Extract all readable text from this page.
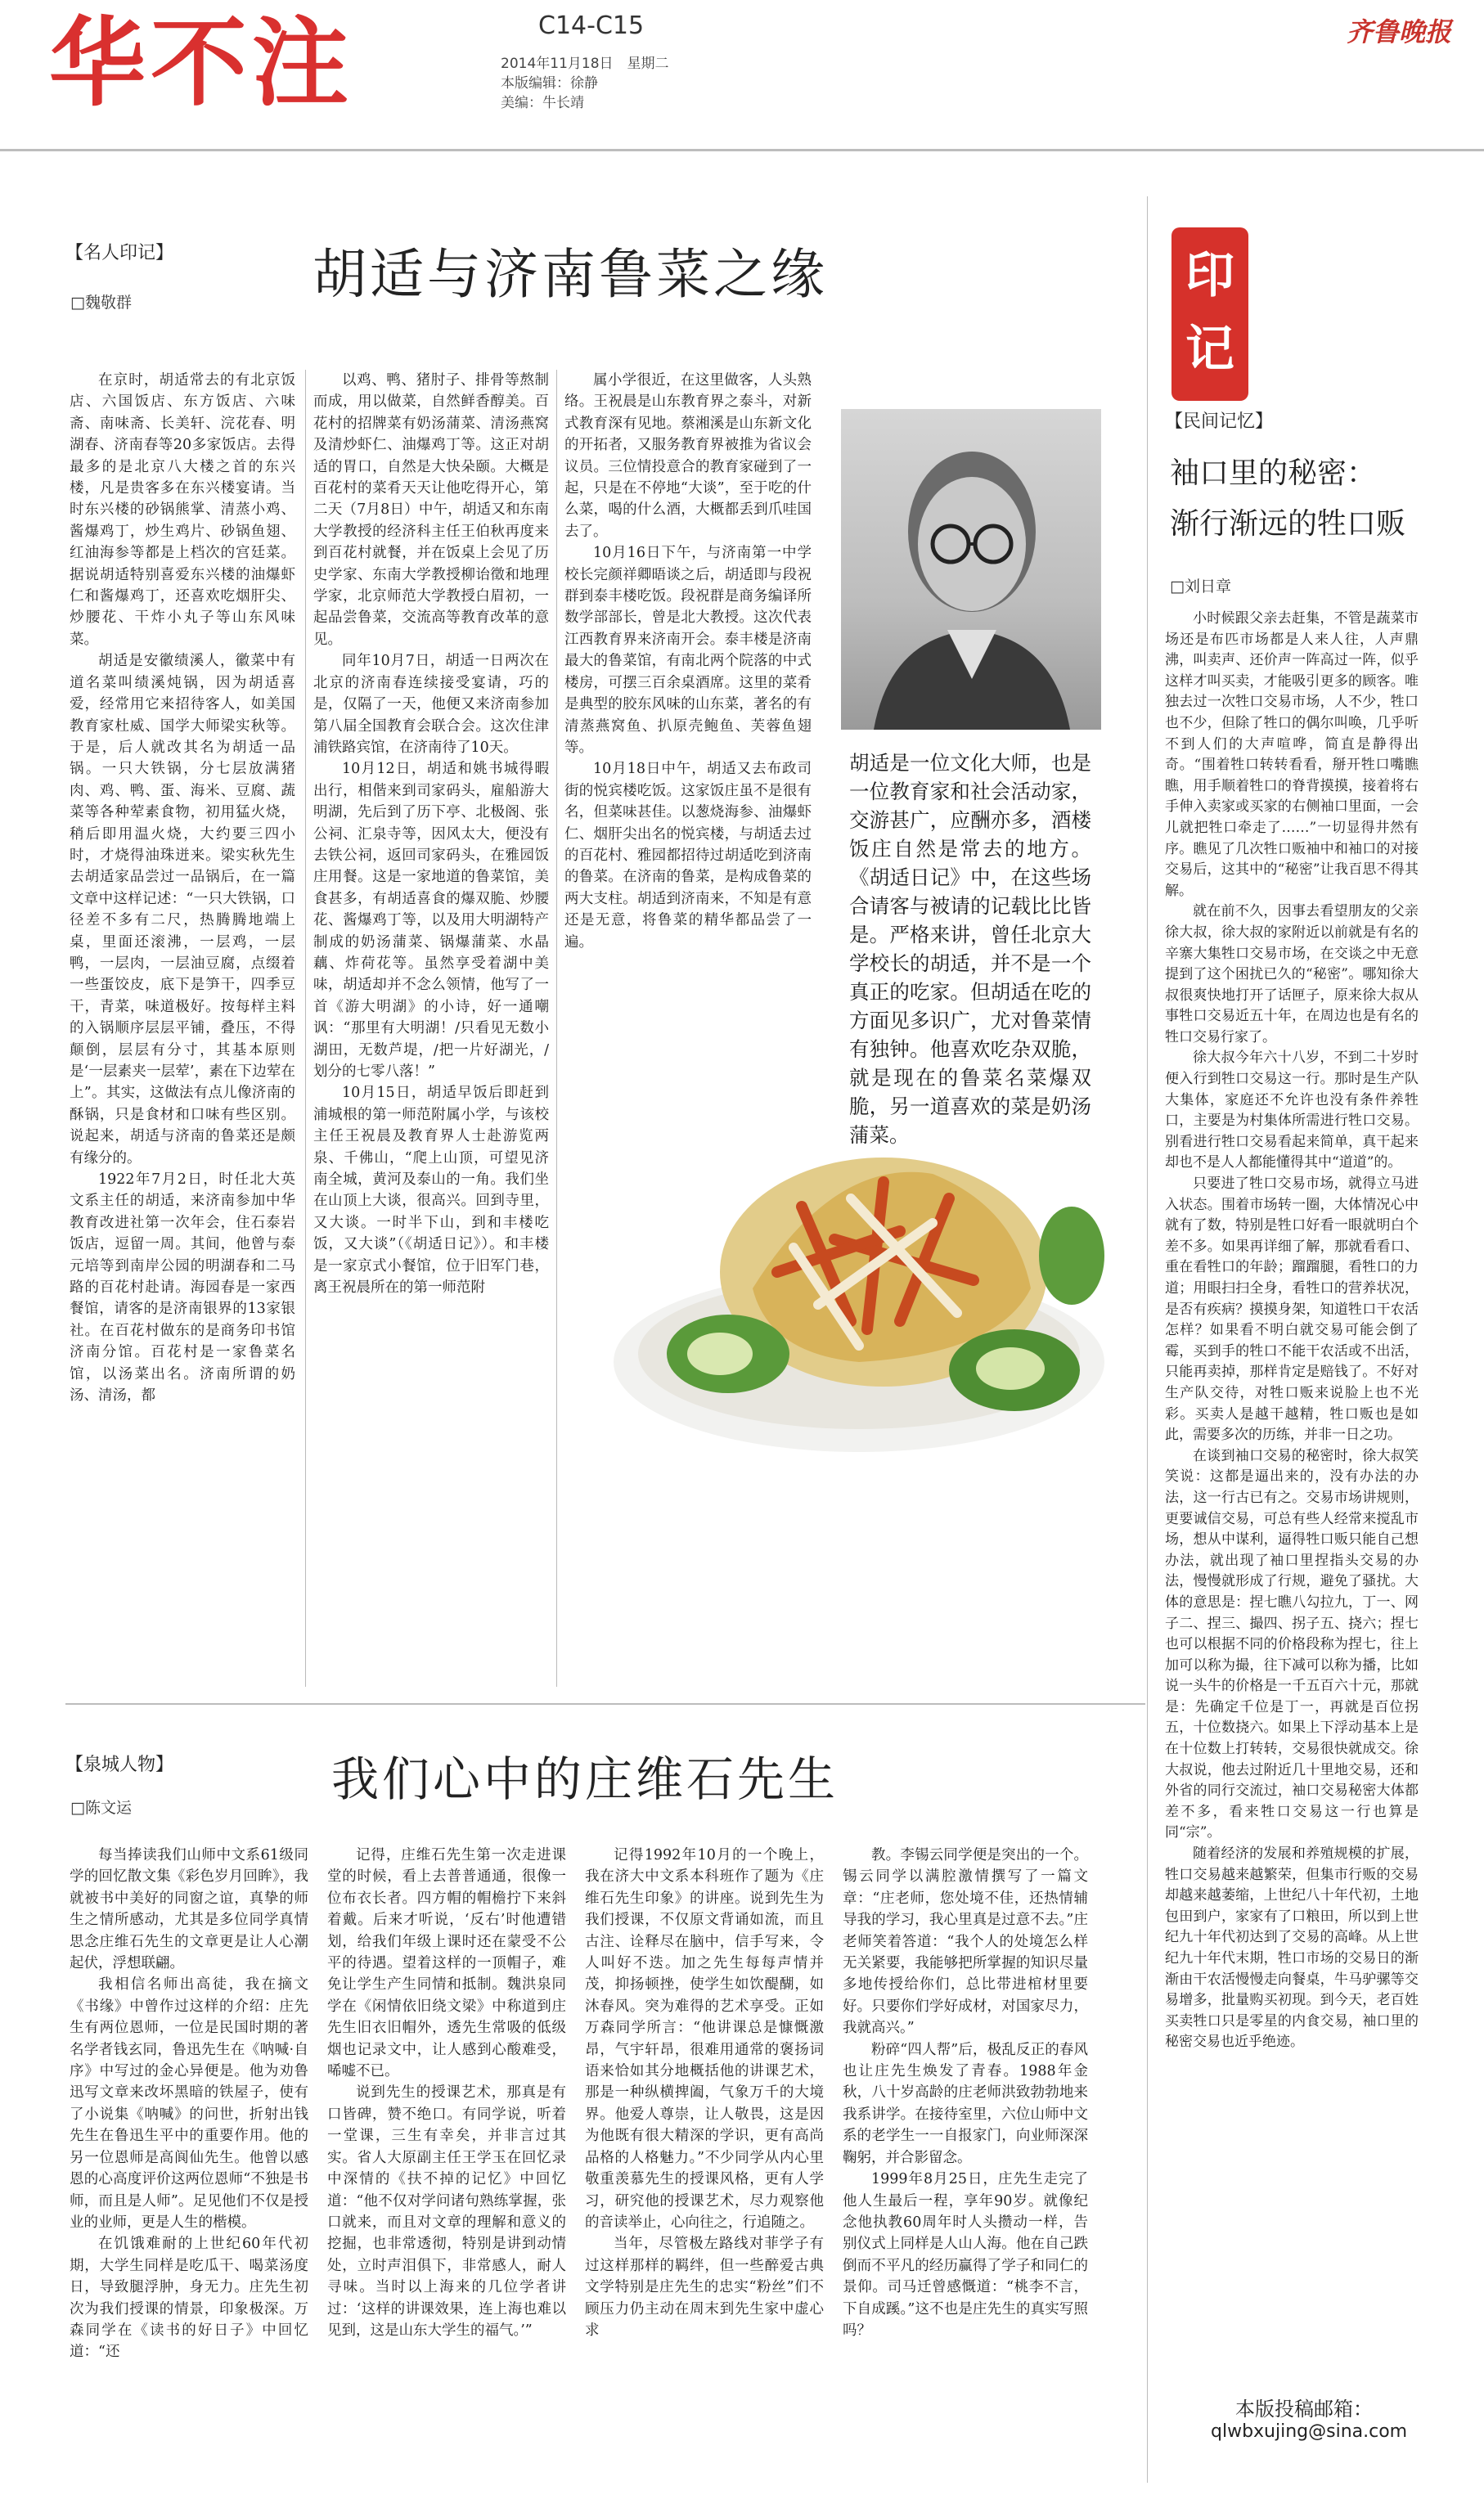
华不注	C14-C15
2014年11月18日　星期二
本版编辑：徐静
美编：牛长靖
齐鲁晚报
【名人印记】
□魏敬群	胡适与济南鲁菜之缘

在京时，胡适常去的有北京饭店、六国饭店、东方饭店、六味斋、南味斋、长美轩、浣花春、明湖春、济南春等20多家饭店。去得最多的是北京八大楼之首的东兴楼，凡是贵客多在东兴楼宴请。当时东兴楼的砂锅熊掌、清蒸小鸡、酱爆鸡丁，炒生鸡片、砂锅鱼翅、红油海参等都是上档次的宫廷菜。据说胡适特别喜爱东兴楼的油爆虾仁和酱爆鸡丁，还喜欢吃烟肝尖、炒腰花、干炸小丸子等山东风味菜。

胡适是安徽绩溪人，徽菜中有道名菜叫绩溪炖锅，因为胡适喜爱，经常用它来招待客人，如美国教育家杜威、国学大师梁实秋等。于是，后人就改其名为胡适一品锅。一只大铁锅，分七层放满猪肉、鸡、鸭、蛋、海米、豆腐、蔬菜等各种荤素食物，初用猛火烧，稍后即用温火烧，大约要三四小时，才烧得油珠迸来。梁实秋先生去胡适家品尝过一品锅后，在一篇文章中这样记述：“一只大铁锅，口径差不多有二尺，热腾腾地端上桌，里面还滚沸，一层鸡，一层鸭，一层肉，一层油豆腐，点缀着一些蛋饺皮，底下是笋干，四季豆干，青菜，味道极好。按每样主料的入锅顺序层层平铺，叠压，不得颠倒，层层有分寸，其基本原则是‘一层素夹一层荤’，素在下边荤在上”。其实，这做法有点儿像济南的酥锅，只是食材和口味有些区别。说起来，胡适与济南的鲁菜还是颇有缘分的。

1922年7月2日，时任北大英文系主任的胡适，来济南参加中华教育改进社第一次年会，住石泰岩饭店，逗留一周。其间，他曾与泰元培等到南岸公园的明湖春和二马路的百花村赴请。海园春是一家西餐馆，请客的是济南银界的13家银社。在百花村做东的是商务印书馆济南分馆。百花村是一家鲁菜名馆，以汤菜出名。济南所谓的奶汤、清汤，都

以鸡、鸭、猪肘子、排骨等熬制而成，用以做菜，自然鲜香醇美。百花村的招牌菜有奶汤蒲菜、清汤燕窝及清炒虾仁、油爆鸡丁等。这正对胡适的胃口，自然是大快朵颐。大概是百花村的菜肴天天让他吃得开心，第二天（7月8日）中午，胡适又和东南大学教授的经济科主任王伯秋再度来到百花村就餐，并在饭桌上会见了历史学家、东南大学教授柳诒徵和地理学家，北京师范大学教授白眉初，一起品尝鲁菜，交流高等教育改革的意见。

同年10月7日，胡适一日两次在北京的济南春连续接受宴请，巧的是，仅隔了一天，他便又来济南参加第八届全国教育会联合会。这次住津浦铁路宾馆，在济南待了10天。

10月12日，胡适和姚书城得暇出行，相偕来到司家码头，雇船游大明湖，先后到了历下亭、北极阁、张公祠、汇泉寺等，因风太大，便没有去铁公祠，返回司家码头，在雅园饭庄用餐。这是一家地道的鲁菜馆，美食甚多，有胡适喜食的爆双脆、炒腰花、酱爆鸡丁等，以及用大明湖特产制成的奶汤蒲菜、锅爆蒲菜、水晶藕、炸荷花等。虽然享受着湖中美味，胡适却并不念么领情，他写了一首《游大明湖》的小诗，好一通嘲讽：“那里有大明湖！/只看见无数小湖田，无数芦堤，/把一片好湖光，/划分的七零八落！”

10月15日，胡适早饭后即赶到浦城根的第一师范附属小学，与该校主任王祝晨及教育界人士赴游览两泉、千佛山，“爬上山顶，可望见济南全城，黄河及泰山的一角。我们坐在山顶上大谈，很高兴。回到寺里，又大谈。一时半下山，到和丰楼吃饭，又大谈”（《胡适日记》）。和丰楼是一家京式小餐馆，位于旧军门巷，离王祝晨所在的第一师范附

属小学很近，在这里做客，人头熟络。王祝晨是山东教育界之泰斗，对新式教育深有见地。蔡湘溪是山东新文化的开拓者，又服务教育界被推为省议会议员。三位情投意合的教育家碰到了一起，只是在不停地“大谈”，至于吃的什么菜，喝的什么酒，大概都丢到爪哇国去了。

10月16日下午，与济南第一中学校长完颜祥卿晤谈之后，胡适即与段祝群到泰丰楼吃饭。段祝群是商务编译所数学部部长，曾是北大教授。这次代表江西教育界来济南开会。泰丰楼是济南最大的鲁菜馆，有南北两个院落的中式楼房，可摆三百余桌酒席。这里的菜肴是典型的胶东风味的山东菜，著名的有清蒸燕窝鱼、扒原壳鲍鱼、芙蓉鱼翅等。

10月18日中午，胡适又去布政司街的悦宾楼吃饭。这家饭庄虽不是很有名，但菜味甚佳。以葱烧海参、油爆虾仁、烟肝尖出名的悦宾楼，与胡适去过的百花村、雅园都招待过胡适吃到济南的鲁菜。在济南的鲁菜，是构成鲁菜的两大支柱。胡适到济南来，不知是有意还是无意，将鲁菜的精华都品尝了一遍。

胡适是一位文化大师，也是一位教育家和社会活动家，交游甚广，应酬亦多，酒楼饭庄自然是常去的地方。《胡适日记》中，在这些场合请客与被请的记载比比皆是。严格来讲，曾任北京大学校长的胡适，并不是一个真正的吃家。但胡适在吃的方面见多识广，尤对鲁菜情有独钟。他喜欢吃杂双脆，就是现在的鲁菜名菜爆双脆，另一道喜欢的菜是奶汤蒲菜。
【泉城人物】
□陈文运
我们心中的庄维石先生

每当捧读我们山师中文系61级同学的回忆散文集《彩色岁月回眸》，我就被书中美好的同窗之谊，真挚的师生之情所感动，尤其是多位同学真情思念庄维石先生的文章更是让人心潮起伏，浮想联翩。

我相信名师出高徒，我在摘文《书缘》中曾作过这样的介绍：庄先生有两位恩师，一位是民国时期的著名学者钱玄同，鲁迅先生在《呐喊·自序》中写过的金心异便是。他为劝鲁迅写文章来改坏黑暗的铁屋子，使有了小说集《呐喊》的问世，折射出钱先生在鲁迅生平中的重要作用。他的另一位恩师是高阆仙先生。他曾以感恩的心高度评价这两位恩师“不独是书师，而且是人师”。足见他们不仅是授业的业师，更是人生的楷模。

在饥饿难耐的上世纪60年代初期，大学生同样是吃瓜干、喝菜汤度日，导致腿浮肿，身无力。庄先生初次为我们授课的情景，印象极深。万森同学在《读书的好日子》中回忆道：“还

记得，庄维石先生第一次走进课堂的时候，看上去普普通通，很像一位布衣长者。四方帽的帽檐拧下来斜着戴。后来才听说，‘反右’时他遭错划，给我们年级上课时还在蒙受不公平的待遇。望着这样的一顶帽子，难免让学生产生同情和抵制。魏洪泉同学在《闲情依旧绕文梁》中称道到庄先生旧衣旧帽外，透先生常吸的低级烟也记录文中，让人感到心酸难受，唏嘘不已。

说到先生的授课艺术，那真是有口皆碑，赞不绝口。有同学说，听着一堂课，三生有幸矣，并非言过其实。省人大原副主任王学玉在回忆录中深情的《扶不掉的记忆》中回忆道：“他不仅对学问诸句熟练掌握，张口就来，而且对文章的理解和意义的挖掘，也非常透彻，特别是讲到动情处，立时声泪俱下，非常感人，耐人寻味。当时以上海来的几位学者讲过：‘这样的讲课效果，连上海也难以见到，这是山东大学生的福气。’”

记得1992年10月的一个晚上，我在济大中文系本科班作了题为《庄维石先生印象》的讲座。说到先生为我们授课，不仅原文背诵如流，而且古注、诠释尽在脑中，信手写来，令人叫好不迭。加之先生每每声情并茂，抑扬顿挫，使学生如饮醍醐，如沐春风。突为难得的艺术享受。正如万森同学所言：“他讲课总是慷慨激昂，气宇轩昂，很难用通常的褒扬词语来恰如其分地概括他的讲课艺术，那是一种纵横捭阖，气象万千的大境界。他爱人尊崇，让人敬畏，这是因为他既有很大精深的学识，更有高尚品格的人格魅力。”不少同学从内心里敬重羡慕先生的授课风格，更有人学习，研究他的授课艺术，尽力观察他的音读举止，心向往之，行追随之。

当年，尽管极左路线对菲学子有过这样那样的羁绊，但一些醉爱古典文学特别是庄先生的忠实“粉丝”们不顾压力仍主动在周末到先生家中虚心求

教。李锡云同学便是突出的一个。锡云同学以满腔激情撰写了一篇文章：“庄老师，您处境不佳，还热情辅导我的学习，我心里真是过意不去。”庄老师笑着答道：“我个人的处境怎么样无关紧要，我能够把所掌握的知识尽量多地传授给你们，总比带进棺材里要好。只要你们学好成材，对国家尽力，我就高兴。”

粉碎“四人帮”后，极乱反正的春风也让庄先生焕发了青春。1988年金秋，八十岁高龄的庄老师洪致勃勃地来我系讲学。在接待室里，六位山师中文系的老学生一一自报家门，向业师深深鞠躬，并合影留念。

1999年8月25日，庄先生走完了他人生最后一程，享年90岁。就像纪念他执教60周年时人头攒动一样，告别仪式上同样是人山人海。他在自己跌倒而不平凡的经历赢得了学子和同仁的景仰。司马迁曾感慨道：“桃李不言，下自成蹊。”这不也是庄先生的真实写照吗？

印记
【民间记忆】
袖口里的秘密：
渐行渐远的牲口贩
□刘日章

小时候跟父亲去赶集，不管是蔬菜市场还是布匹市场都是人来人往，人声鼎沸，叫卖声、还价声一阵高过一阵，似乎这样才叫买卖，才能吸引更多的顾客。唯独去过一次牲口交易市场，人不少，牲口也不少，但除了牲口的偶尔叫唤，几乎听不到人们的大声喧哗，简直是静得出奇。“围着牲口转转看看，掰开牲口嘴瞧瞧，用手顺着牲口的脊背摸摸，接着将右手伸入卖家或买家的右侧袖口里面，一会儿就把牲口牵走了……”一切显得井然有序。瞧见了几次牲口贩袖中和袖口的对接交易后，这其中的“秘密”让我百思不得其解。

就在前不久，因事去看望朋友的父亲徐大叔，徐大叔的家附近以前就是有名的辛寨大集牲口交易市场，在交谈之中无意提到了这个困扰已久的“秘密”。哪知徐大叔很爽快地打开了话匣子，原来徐大叔从事牲口交易近五十年，在周边也是有名的牲口交易行家了。

徐大叔今年六十八岁，不到二十岁时便入行到牲口交易这一行。那时是生产队大集体，家庭还不允许也没有条件养牲口，主要是为村集体所需进行牲口交易。别看进行牲口交易看起来简单，真干起来却也不是人人都能懂得其中“道道”的。

只要进了牲口交易市场，就得立马进入状态。围着市场转一圈，大体情况心中就有了数，特别是牲口好看一眼就明白个差不多。如果再详细了解，那就看看口、重在看牲口的年龄；蹓蹓腿，看牲口的力道；用眼扫扫全身，看牲口的营养状况，是否有疾病？摸摸身架，知道牲口干农活怎样？如果看不明白就交易可能会倒了霉，买到手的牲口不能干农活或不出活，只能再卖掉，那样肯定是赔钱了。不好对生产队交待，对牲口贩来说脸上也不光彩。买卖人是越干越精，牲口贩也是如此，需要多次的历练，并非一日之功。

在谈到袖口交易的秘密时，徐大叔笑笑说：这都是逼出来的，没有办法的办法，这一行古已有之。交易市场讲规则，更要诚信交易，可总有些人经常来搅乱市场，想从中谋利，逼得牲口贩只能自己想办法，就出现了袖口里捏指头交易的办法，慢慢就形成了行规，避免了骚扰。大体的意思是：捏七瞧八勾拉九，丁一、网子二、捏三、撮四、拐子五、挠六；捏七也可以根据不同的价格段称为捏七，往上加可以称为撮，往下减可以称为播，比如说一头牛的价格是一千五百六十元，那就是：先确定千位是丁一，再就是百位拐五，十位数挠六。如果上下浮动基本上是在十位数上打转转，交易很快就成交。徐大叔说，他去过附近几十里地交易，还和外省的同行交流过，袖口交易秘密大体都差不多，看来牲口交易这一行也算是同“宗”。

随着经济的发展和养殖规模的扩展，牲口交易越来越繁荣，但集市行贩的交易却越来越萎缩，上世纪八十年代初，土地包田到户，家家有了口粮田，所以到上世纪九十年代初达到了交易的高峰。从上世纪九十年代末期，牲口市场的交易日的渐渐由干农活慢慢走向餐桌，牛马驴骡等交易增多，批量购买初现。到今天，老百姓买卖牲口只是零星的内食交易，袖口里的秘密交易也近乎绝迹。

本版投稿邮箱：
qlwbxujing@sina.com
